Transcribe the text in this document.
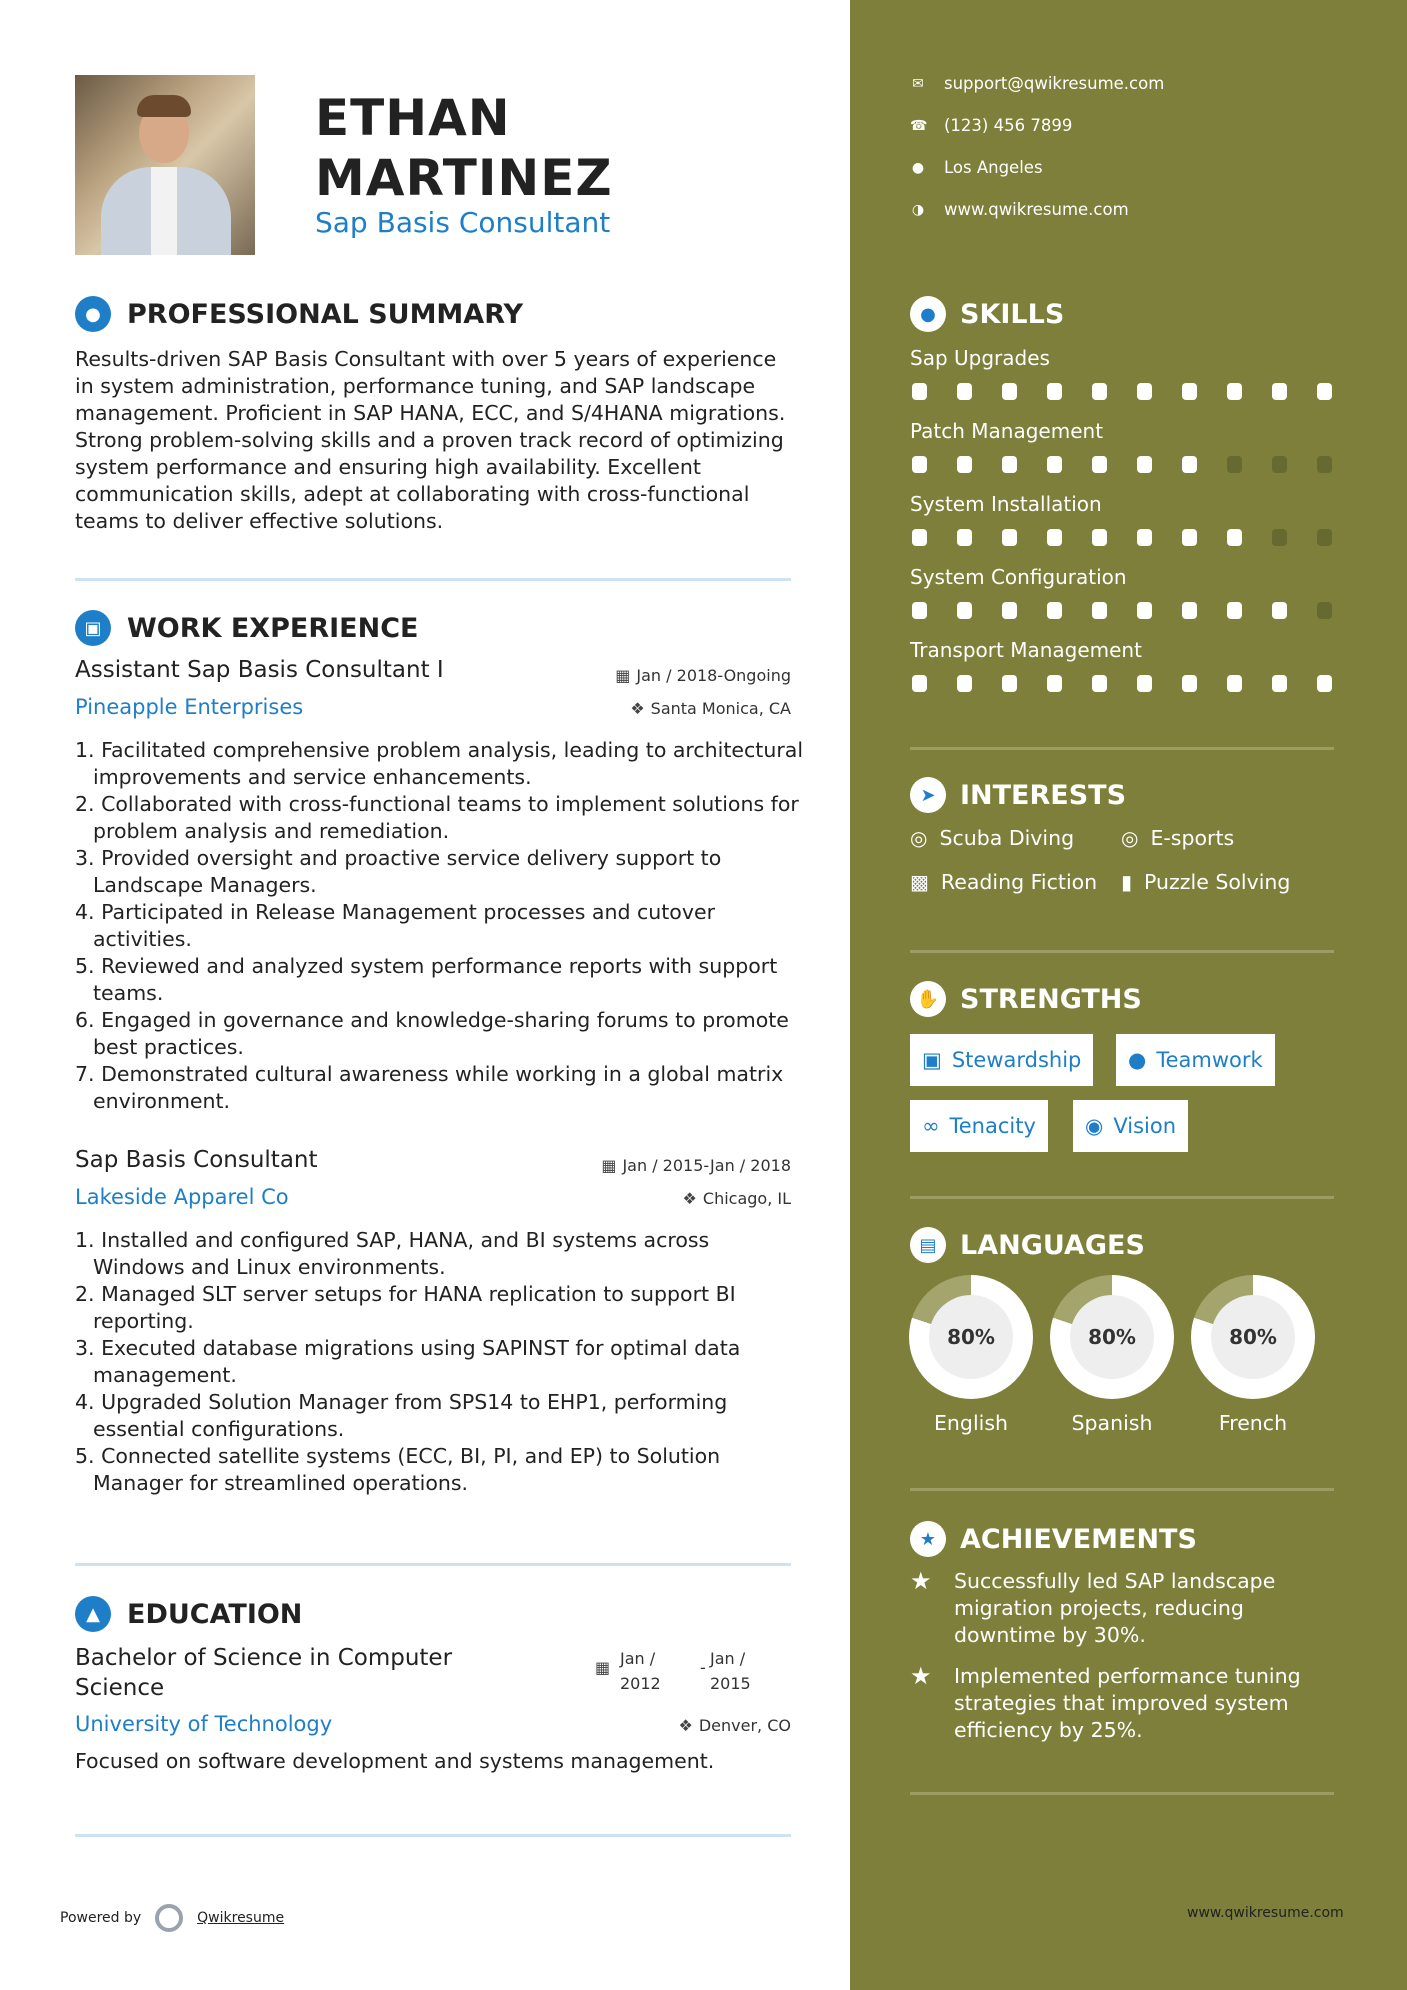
ETHAN
MARTINEZ
Sap Basis Consultant
● PROFESSIONAL SUMMARY
Results-driven SAP Basis Consultant with over 5 years of experience in system administration, performance tuning, and SAP landscape management. Proficient in SAP HANA, ECC, and S/4HANA migrations. Strong problem-solving skills and a proven track record of optimizing system performance and ensuring high availability. Excellent communication skills, adept at collaborating with cross-functional teams to deliver effective solutions.
▣ WORK EXPERIENCE
Assistant Sap Basis Consultant I	▦ Jan / 2018-Ongoing
Pineapple Enterprises	❖ Santa Monica, CA
1. Facilitated comprehensive problem analysis, leading to architectural improvements and service enhancements.
2. Collaborated with cross-functional teams to implement solutions for problem analysis and remediation.
3. Provided oversight and proactive service delivery support to Landscape Managers.
4. Participated in Release Management processes and cutover activities.
5. Reviewed and analyzed system performance reports with support teams.
6. Engaged in governance and knowledge-sharing forums to promote best practices.
7. Demonstrated cultural awareness while working in a global matrix environment.
Sap Basis Consultant	▦ Jan / 2015-Jan / 2018
Lakeside Apparel Co	❖ Chicago, IL
1. Installed and configured SAP, HANA, and BI systems across Windows and Linux environments.
2. Managed SLT server setups for HANA replication to support BI reporting.
3. Executed database migrations using SAPINST for optimal data management.
4. Upgraded Solution Manager from SPS14 to EHP1, performing essential configurations.
5. Connected satellite systems (ECC, BI, PI, and EP) to Solution Manager for streamlined operations.
▲	EDUCATION
Bachelor of Science in Computer
Science
▦ Jan /
2012
- Jan /
2015
University of Technology	❖ Denver, CO
Focused on software development and systems management.
Powered by	Qwikresume
✉ support@qwikresume.com
☎ (123) 456 7899
● Los Angeles
◑ www.qwikresume.com
● SKILLS
Sap Upgrades
Patch Management
System Installation
System Configuration
Transport Management
➤ INTERESTS
◎ Scuba Diving ◎ E-sports
▩ Reading Fiction ▮ Puzzle Solving
✋ STRENGTHS
▣ Stewardship ● Teamwork
∞ Tenacity ◉ Vision
▤ LANGUAGES
80%
English
80%
Spanish
80%
French
★ ACHIEVEMENTS
★	Successfully led SAP landscape migration projects, reducing downtime by 30%.
★	Implemented performance tuning strategies that improved system efficiency by 25%.
www.qwikresume.com
